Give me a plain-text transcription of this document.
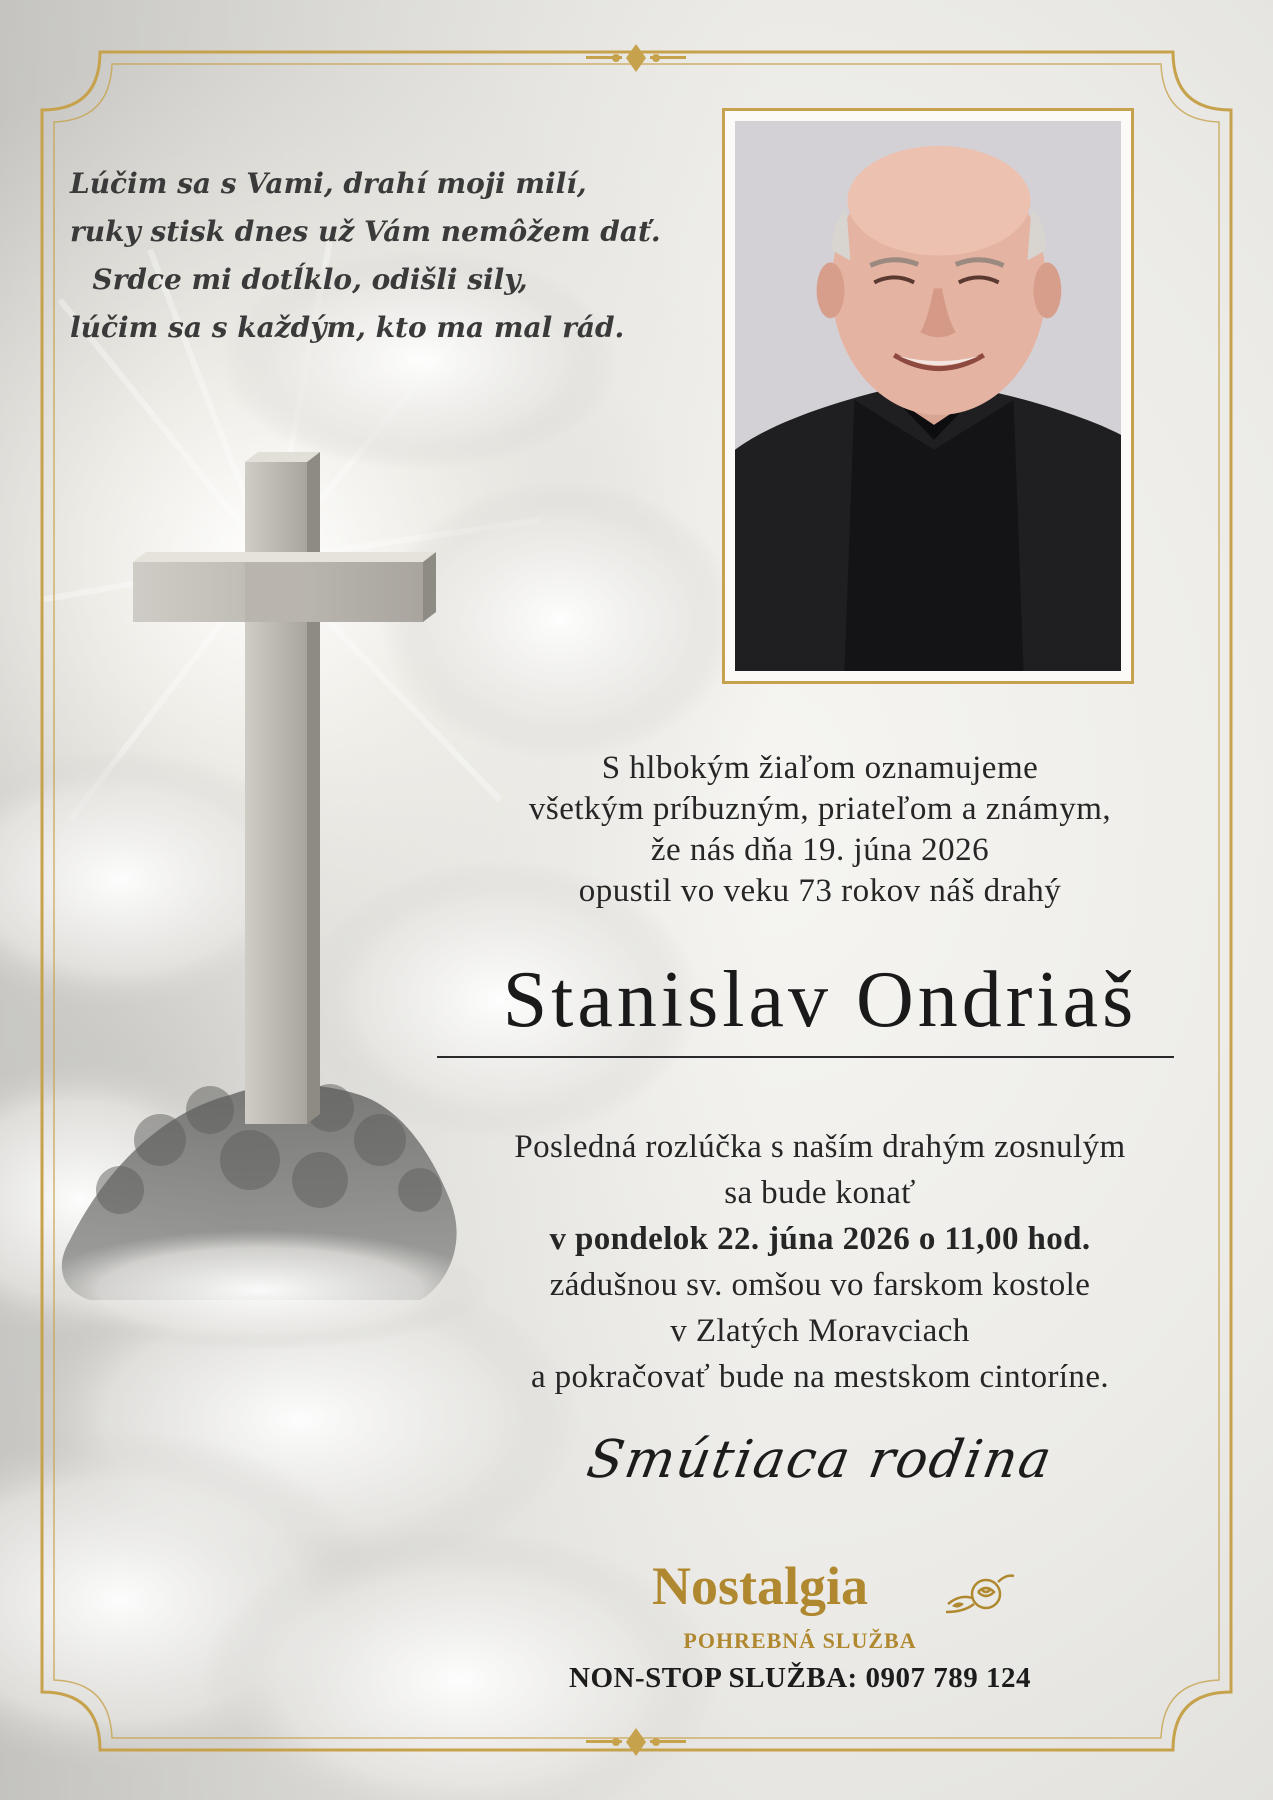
Lúčim sa s Vami, drahí moji milí,
ruky stisk dnes už Vám nemôžem dať.
Srdce mi dotĺklo, odišli sily,
lúčim sa s každým, kto ma mal rád.
S hlbokým žiaľom oznamujeme
všetkým príbuzným, priateľom a známym,
že nás dňa 19. júna 2026
opustil vo veku 73 rokov náš drahý
Stanislav Ondriaš
Posledná rozlúčka s naším drahým zosnulým
sa bude konať
v pondelok 22. júna 2026 o 11,00 hod.
zádušnou sv. omšou vo farskom kostole
v Zlatých Moravciach
a pokračovať bude na mestskom cintoríne.
Smútiaca rodina
Nostalgia
POHREBNÁ SLUŽBA
NON-STOP SLUŽBA: 0907 789 124
